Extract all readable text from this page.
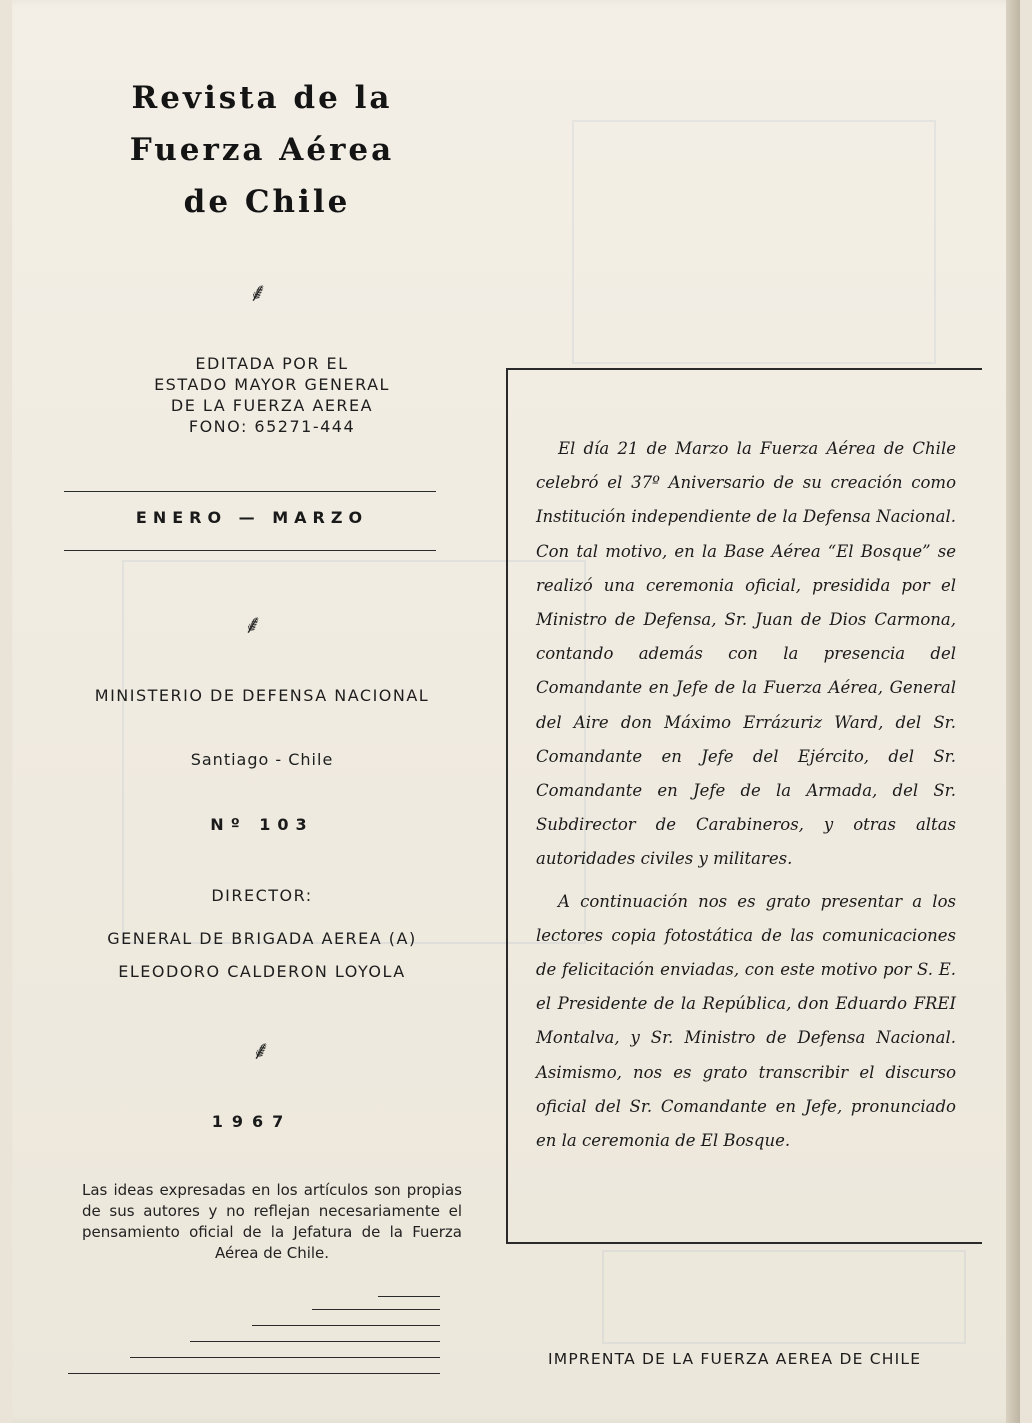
Revista de la
Fuerza Aérea
de Chile
⸙
EDITADA POR EL
ESTADO MAYOR GENERAL
DE LA FUERZA AEREA
FONO: 65271-444
ENERO — MARZO
⸙
MINISTERIO DE DEFENSA NACIONAL
Santiago - Chile
Nº 103
DIRECTOR:
GENERAL DE BRIGADA AEREA (A)
ELEODORO CALDERON LOYOLA
⸙
1967
Las ideas expresadas en los artículos son propias de sus autores y no reflejan necesariamente el pensamiento oficial de la Jefatura de la Fuerza Aérea de Chile.

El día 21 de Marzo la Fuerza Aérea de Chile celebró el 37º Aniversario de su creación como Institución independiente de la Defensa Nacional. Con tal motivo, en la Base Aérea “El Bosque” se realizó una ceremonia oficial, presidida por el Ministro de Defensa, Sr. Juan de Dios Carmona, contando además con la presencia del Comandante en Jefe de la Fuerza Aérea, General del Aire don Máximo Errázuriz Ward, del Sr. Comandante en Jefe del Ejército, del Sr. Comandante en Jefe de la Armada, del Sr. Subdirector de Carabineros, y otras altas autoridades civiles y militares.

A continuación nos es grato presentar a los lectores copia fotostática de las comunicaciones de felicitación enviadas, con este motivo por S. E. el Presidente de la República, don Eduardo FREI Montalva, y Sr. Ministro de Defensa Nacional. Asimismo, nos es grato transcribir el discurso oficial del Sr. Comandante en Jefe, pronunciado en la ceremonia de El Bosque.

IMPRENTA DE LA FUERZA AEREA DE CHILE
